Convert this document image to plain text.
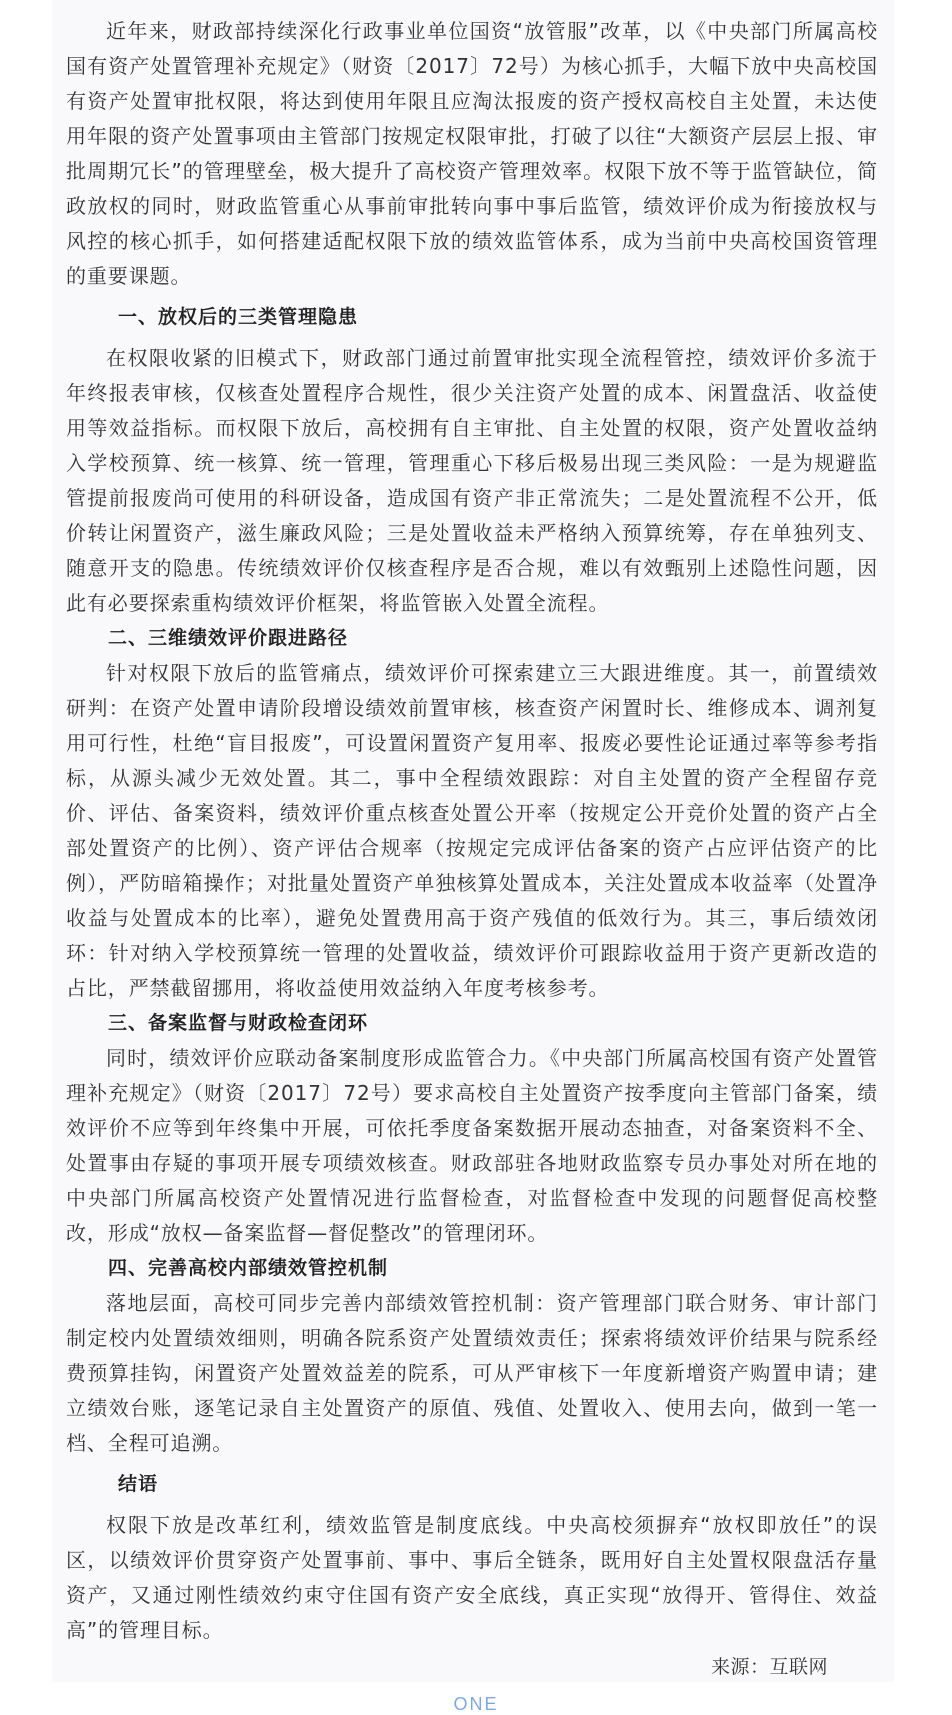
近年来，财政部持续深化行政事业单位国资“放管服”改革，以《中央部门所属高校国有资产处置管理补充规定》（财资〔2017〕72号）为核心抓手，大幅下放中央高校国有资产处置审批权限，将达到使用年限且应淘汰报废的资产授权高校自主处置，未达使用年限的资产处置事项由主管部门按规定权限审批，打破了以往“大额资产层层上报、审批周期冗长”的管理壁垒，极大提升了高校资产管理效率。权限下放不等于监管缺位，简政放权的同时，财政监管重心从事前审批转向事中事后监管，绩效评价成为衔接放权与风控的核心抓手，如何搭建适配权限下放的绩效监管体系，成为当前中央高校国资管理的重要课题。

一、放权后的三类管理隐患

在权限收紧的旧模式下，财政部门通过前置审批实现全流程管控，绩效评价多流于年终报表审核，仅核查处置程序合规性，很少关注资产处置的成本、闲置盘活、收益使用等效益指标。而权限下放后，高校拥有自主审批、自主处置的权限，资产处置收益纳入学校预算、统一核算、统一管理，管理重心下移后极易出现三类风险：一是为规避监管提前报废尚可使用的科研设备，造成国有资产非正常流失；二是处置流程不公开，低价转让闲置资产，滋生廉政风险；三是处置收益未严格纳入预算统筹，存在单独列支、随意开支的隐患。传统绩效评价仅核查程序是否合规，难以有效甄别上述隐性问题，因此有必要探索重构绩效评价框架，将监管嵌入处置全流程。

二、三维绩效评价跟进路径

针对权限下放后的监管痛点，绩效评价可探索建立三大跟进维度。其一，前置绩效研判：在资产处置申请阶段增设绩效前置审核，核查资产闲置时长、维修成本、调剂复用可行性，杜绝“盲目报废”，可设置闲置资产复用率、报废必要性论证通过率等参考指标，从源头减少无效处置。其二，事中全程绩效跟踪：对自主处置的资产全程留存竞价、评估、备案资料，绩效评价重点核查处置公开率（按规定公开竞价处置的资产占全部处置资产的比例）、资产评估合规率（按规定完成评估备案的资产占应评估资产的比例），严防暗箱操作；对批量处置资产单独核算处置成本，关注处置成本收益率（处置净收益与处置成本的比率），避免处置费用高于资产残值的低效行为。其三，事后绩效闭环：针对纳入学校预算统一管理的处置收益，绩效评价可跟踪收益用于资产更新改造的占比，严禁截留挪用，将收益使用效益纳入年度考核参考。

三、备案监督与财政检查闭环

同时，绩效评价应联动备案制度形成监管合力。《中央部门所属高校国有资产处置管理补充规定》（财资〔2017〕72号）要求高校自主处置资产按季度向主管部门备案，绩效评价不应等到年终集中开展，可依托季度备案数据开展动态抽查，对备案资料不全、处置事由存疑的事项开展专项绩效核查。财政部驻各地财政监察专员办事处对所在地的中央部门所属高校资产处置情况进行监督检查，对监督检查中发现的问题督促高校整改，形成“放权—备案监督—督促整改”的管理闭环。

四、完善高校内部绩效管控机制

落地层面，高校可同步完善内部绩效管控机制：资产管理部门联合财务、审计部门制定校内处置绩效细则，明确各院系资产处置绩效责任；探索将绩效评价结果与院系经费预算挂钩，闲置资产处置效益差的院系，可从严审核下一年度新增资产购置申请；建立绩效台账，逐笔记录自主处置资产的原值、残值、处置收入、使用去向，做到一笔一档、全程可追溯。

结语

权限下放是改革红利，绩效监管是制度底线。中央高校须摒弃“放权即放任”的误区，以绩效评价贯穿资产处置事前、事中、事后全链条，既用好自主处置权限盘活存量资产，又通过刚性绩效约束守住国有资产安全底线，真正实现“放得开、管得住、效益高”的管理目标。

来源：互联网

ONE
